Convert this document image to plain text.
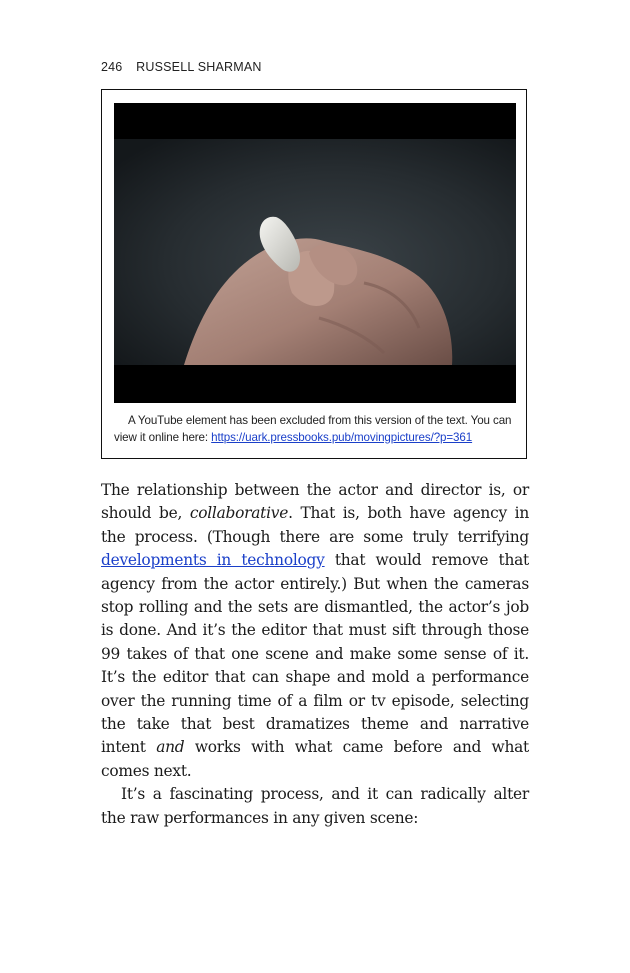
246 RUSSELL SHARMAN
A YouTube element has been excluded from this version of the text. You can
view it online here: https://uark.pressbooks.pub/movingpictures/?p=361

The relationship between the actor and director is, or should be, collaborative. That is, both have agency in the process. (Though there are some truly terrifying developments in technology that would remove that agency from the actor entirely.) But when the cameras stop rolling and the sets are dismantled, the actor’s job is done. And it’s the editor that must sift through those 99 takes of that one scene and make some sense of it. It’s the editor that can shape and mold a performance over the running time of a film or tv episode, selecting the take that best dramatizes theme and narrative intent and works with what came before and what comes next.

It’s a fascinating process, and it can radically alter the raw performances in any given scene:
